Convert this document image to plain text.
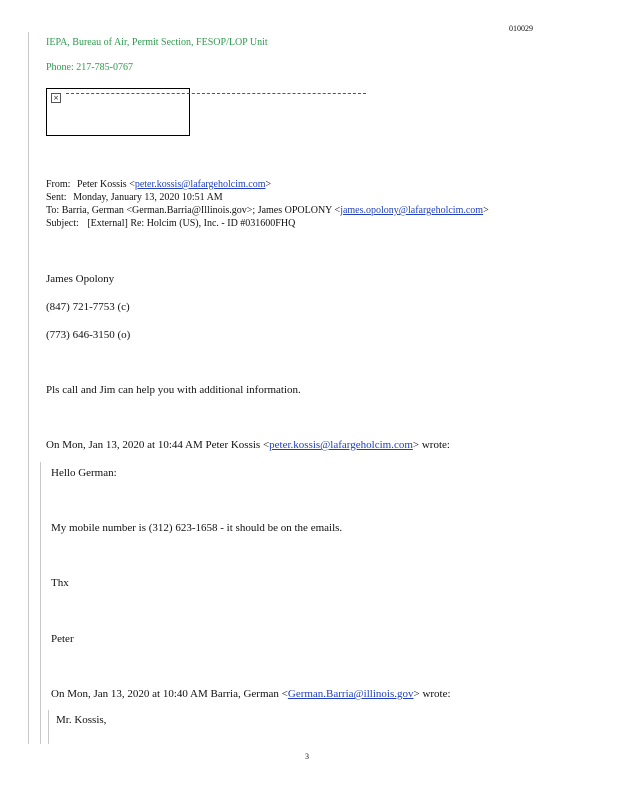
010029
IEPA, Bureau of Air, Permit Section, FESOP/LOP Unit
Phone: 217-785-0767
×
From: Peter Kossis <peter.kossis@lafargeholcim.com>
Sent: Monday, January 13, 2020 10:51 AM
To: Barria, German <German.Barria@Illinois.gov>; James OPOLONY <james.opolony@lafargeholcim.com>
Subject: [External] Re: Holcim (US), Inc. - ID #031600FHQ
James Opolony
(847) 721-7753 (c)
(773) 646-3150 (o)
Pls call and Jim can help you with additional information.
On Mon, Jan 13, 2020 at 10:44 AM Peter Kossis <peter.kossis@lafargeholcim.com> wrote:
Hello German:
My mobile number is (312) 623-1658 - it should be on the emails.
Thx
Peter
On Mon, Jan 13, 2020 at 10:40 AM Barria, German <German.Barria@illinois.gov> wrote:
Mr. Kossis,
3
